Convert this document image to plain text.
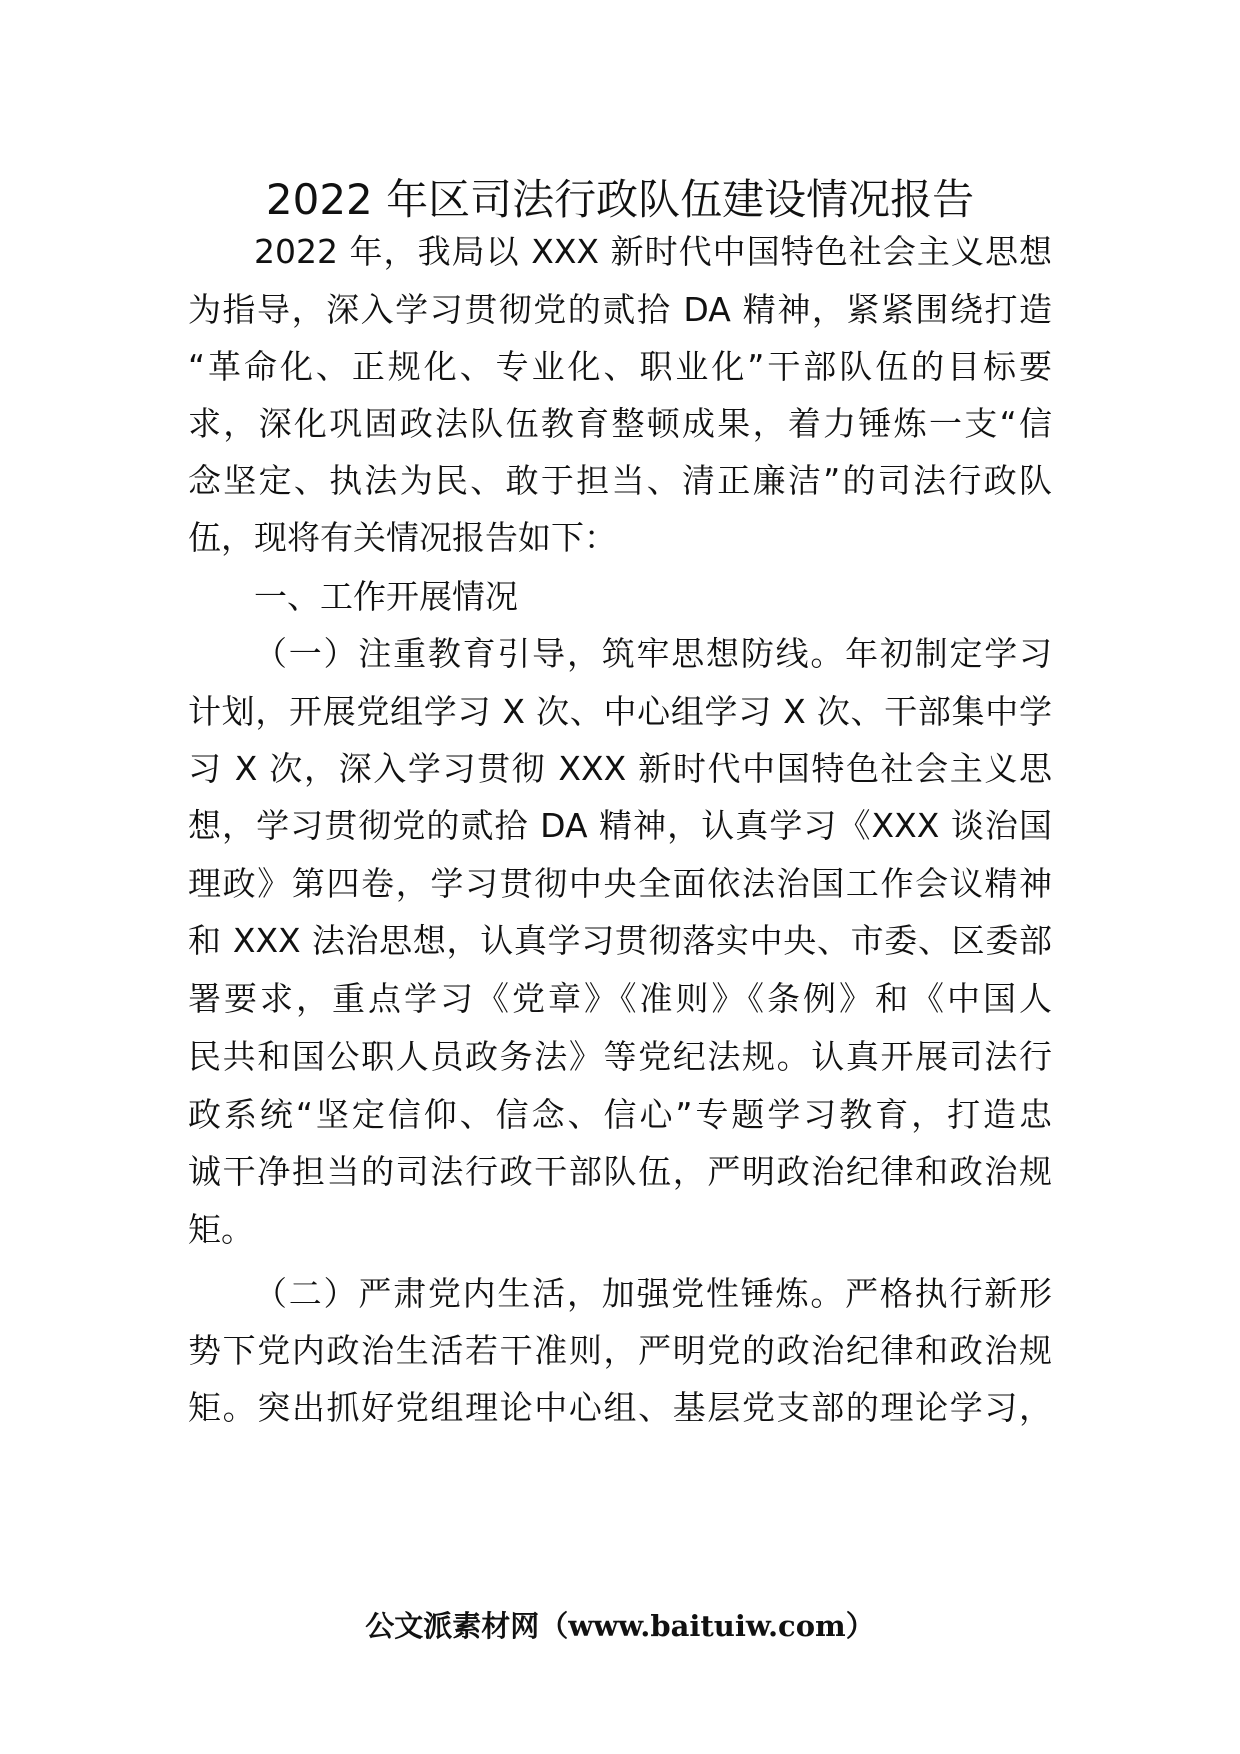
2022 年区司法行政队伍建设情况报告
2022 年，我局以 XXX 新时代中国特色社会主义思想
为指导，深入学习贯彻党的贰拾 DA 精神，紧紧围绕打造
“革命化、正规化、专业化、职业化”干部队伍的目标要
求，深化巩固政法队伍教育整顿成果，着力锤炼一支“信
念坚定、执法为民、敢于担当、清正廉洁”的司法行政队
伍，现将有关情况报告如下：
一、工作开展情况
（一）注重教育引导，筑牢思想防线。年初制定学习
计划，开展党组学习 X 次、中心组学习 X 次、干部集中学
习 X 次，深入学习贯彻 XXX 新时代中国特色社会主义思
想，学习贯彻党的贰拾 DA 精神，认真学习《XXX 谈治国
理政》第四卷，学习贯彻中央全面依法治国工作会议精神
和 XXX 法治思想，认真学习贯彻落实中央、市委、区委部
署要求，重点学习《党章》《准则》《条例》和《中国人
民共和国公职人员政务法》等党纪法规。认真开展司法行
政系统“坚定信仰、信念、信心”专题学习教育，打造忠
诚干净担当的司法行政干部队伍，严明政治纪律和政治规
矩。
（二）严肃党内生活，加强党性锤炼。严格执行新形
势下党内政治生活若干准则，严明党的政治纪律和政治规
矩。突出抓好党组理论中心组、基层党支部的理论学习，
公文派素材网（www.baituiw.com）
